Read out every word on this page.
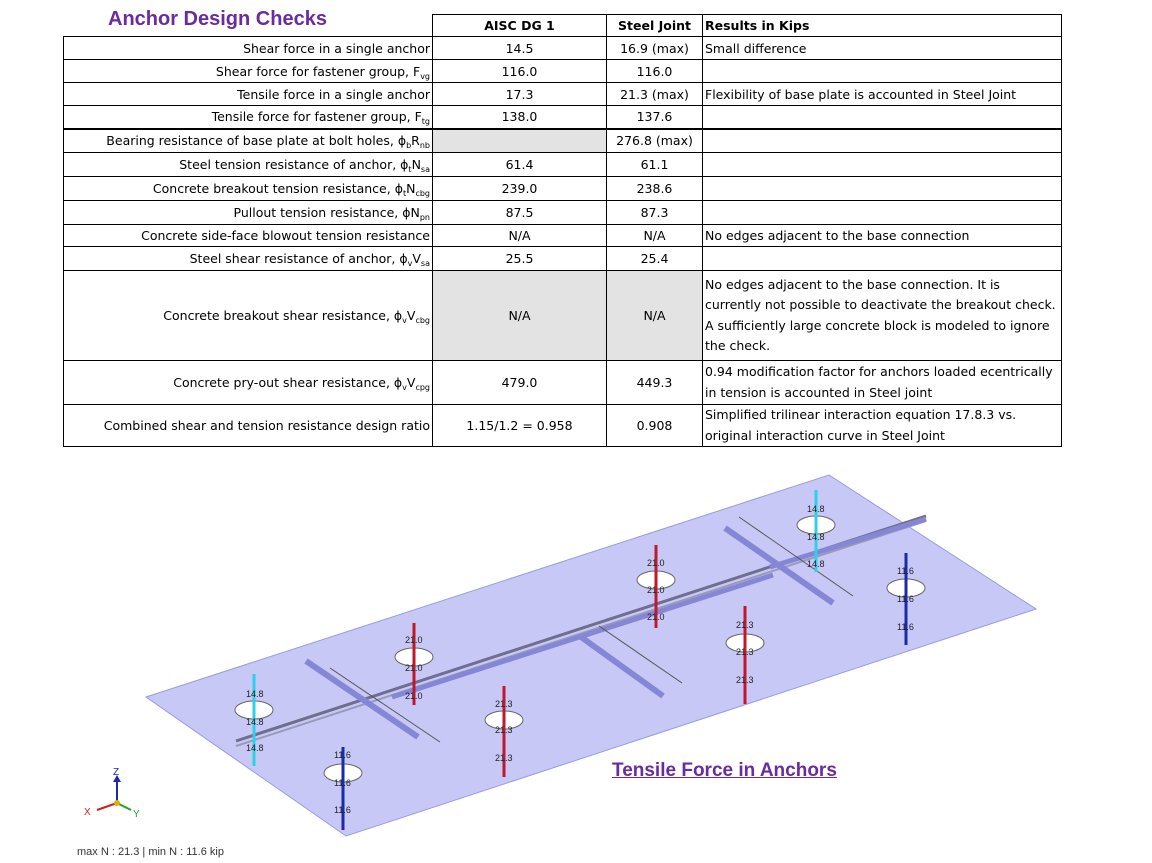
Anchor Design Checks
		AISC DG 1	Steel Joint	Results in Kips
Shear force in a single anchor	14.5	16.9 (max)	Small difference
Shear force for fastener group, $F_{vg}$	116.0	116.0	
Tensile force in a single anchor	17.3	21.3 (max)	Flexibility of base plate is accounted in Steel Joint
Tensile force for fastener group, $F_{tg}$	138.0	137.6	
Bearing resistance of base plate at bolt holes, $\phi_bR_{nb}$		276.8 (max)	
Steel tension resistance of anchor, $\phi_tN_{sa}$	61.4	61.1	
Concrete breakout tension resistance, $\phi_tN_{cbg}$	239.0	238.6	
Pullout tension resistance, $\phi N_{pn}$	87.5	87.3	
Concrete side-face blowout tension resistance	N/A	N/A	No edges adjacent to the base connection
Steel shear resistance of anchor, $\phi_vV_{sa}$	25.5	25.4	
Concrete breakout shear resistance, $\phi_vV_{cbg}$	N/A	N/A	No edges adjacent to the base connection. It is currently not possible to deactivate the breakout check. A sufficiently large concrete block is modeled to ignore the check.
Concrete pry-out shear resistance, $\phi_vV_{cpg}$	479.0	449.3	0.94 modification factor for anchors loaded ecentrically in tension is accounted in Steel joint
Combined shear and tension resistance design ratio	1.15/1.2 = 0.958	0.908	Simplified trilinear interaction equation 17.8.3 vs. original interaction curve in Steel Joint
14.8
14.8
14.8
11.6
11.6
11.6
21.0
21.0
21.0
21.3
21.3
21.3
21.0
21.0
21.0
21.3
21.3
21.3
14.8
14.8
14.8
11.6
11.6
11.6
Z
X	Y
Tensile Force in Anchors
max N : 21.3 | min N : 11.6 kip
